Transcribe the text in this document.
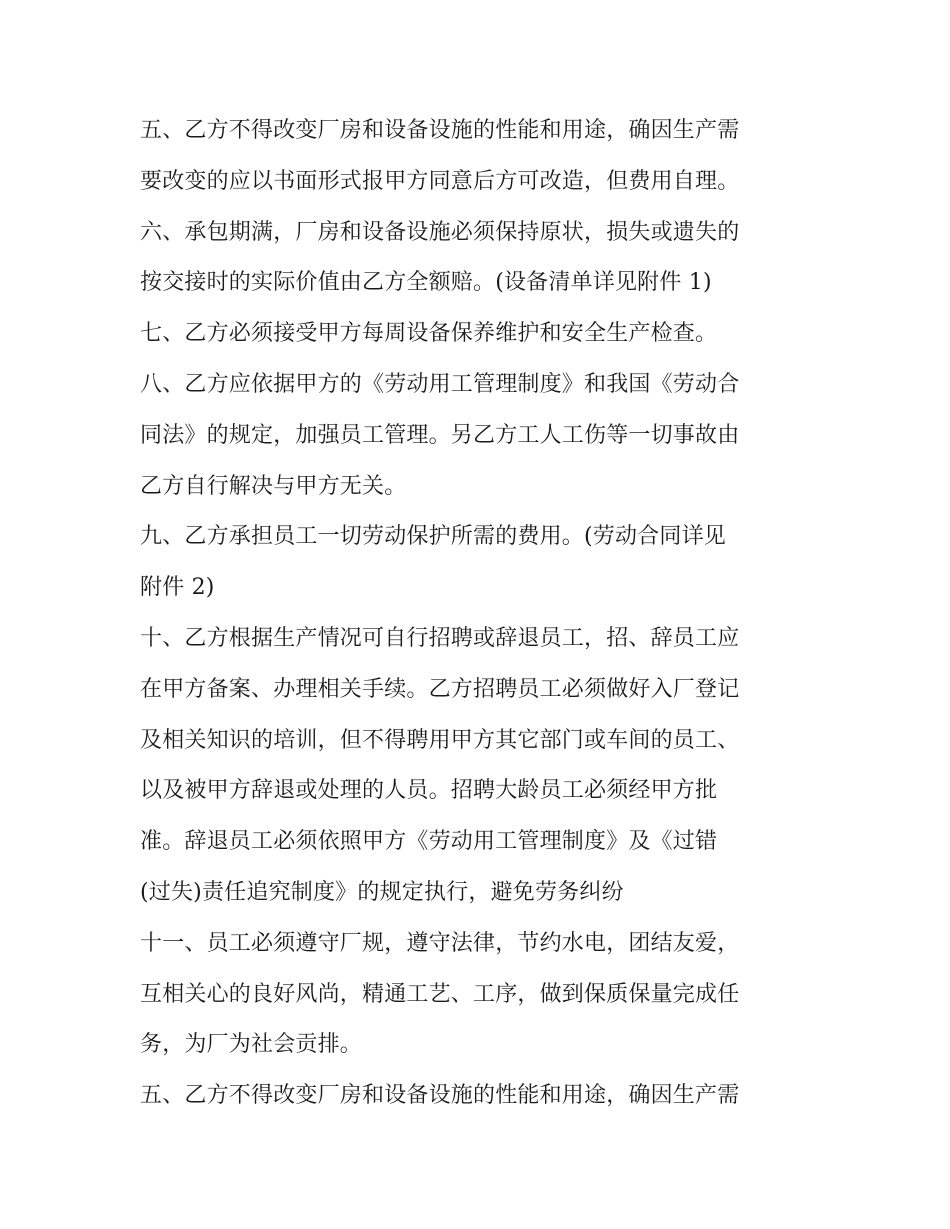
五、乙方不得改变厂房和设备设施的性能和用途，确因生产需
要改变的应以书面形式报甲方同意后方可改造，但费用自理。
六、承包期满，厂房和设备设施必须保持原状，损失或遗失的
按交接时的实际价值由乙方全额赔。(设备清单详见附件 1)
七、乙方必须接受甲方每周设备保养维护和安全生产检查。
八、乙方应依据甲方的《劳动用工管理制度》和我国《劳动合
同法》的规定，加强员工管理。另乙方工人工伤等一切事故由
乙方自行解决与甲方无关。
九、乙方承担员工一切劳动保护所需的费用。(劳动合同详见
附件 2)
十、乙方根据生产情况可自行招聘或辞退员工，招、辞员工应
在甲方备案、办理相关手续。乙方招聘员工必须做好入厂登记
及相关知识的培训，但不得聘用甲方其它部门或车间的员工、
以及被甲方辞退或处理的人员。招聘大龄员工必须经甲方批
准。辞退员工必须依照甲方《劳动用工管理制度》及《过错
(过失)责任追究制度》的规定执行，避免劳务纠纷
十一、员工必须遵守厂规，遵守法律，节约水电，团结友爱，
互相关心的良好风尚，精通工艺、工序，做到保质保量完成任
务，为厂为社会贡排。
五、乙方不得改变厂房和设备设施的性能和用途，确因生产需
